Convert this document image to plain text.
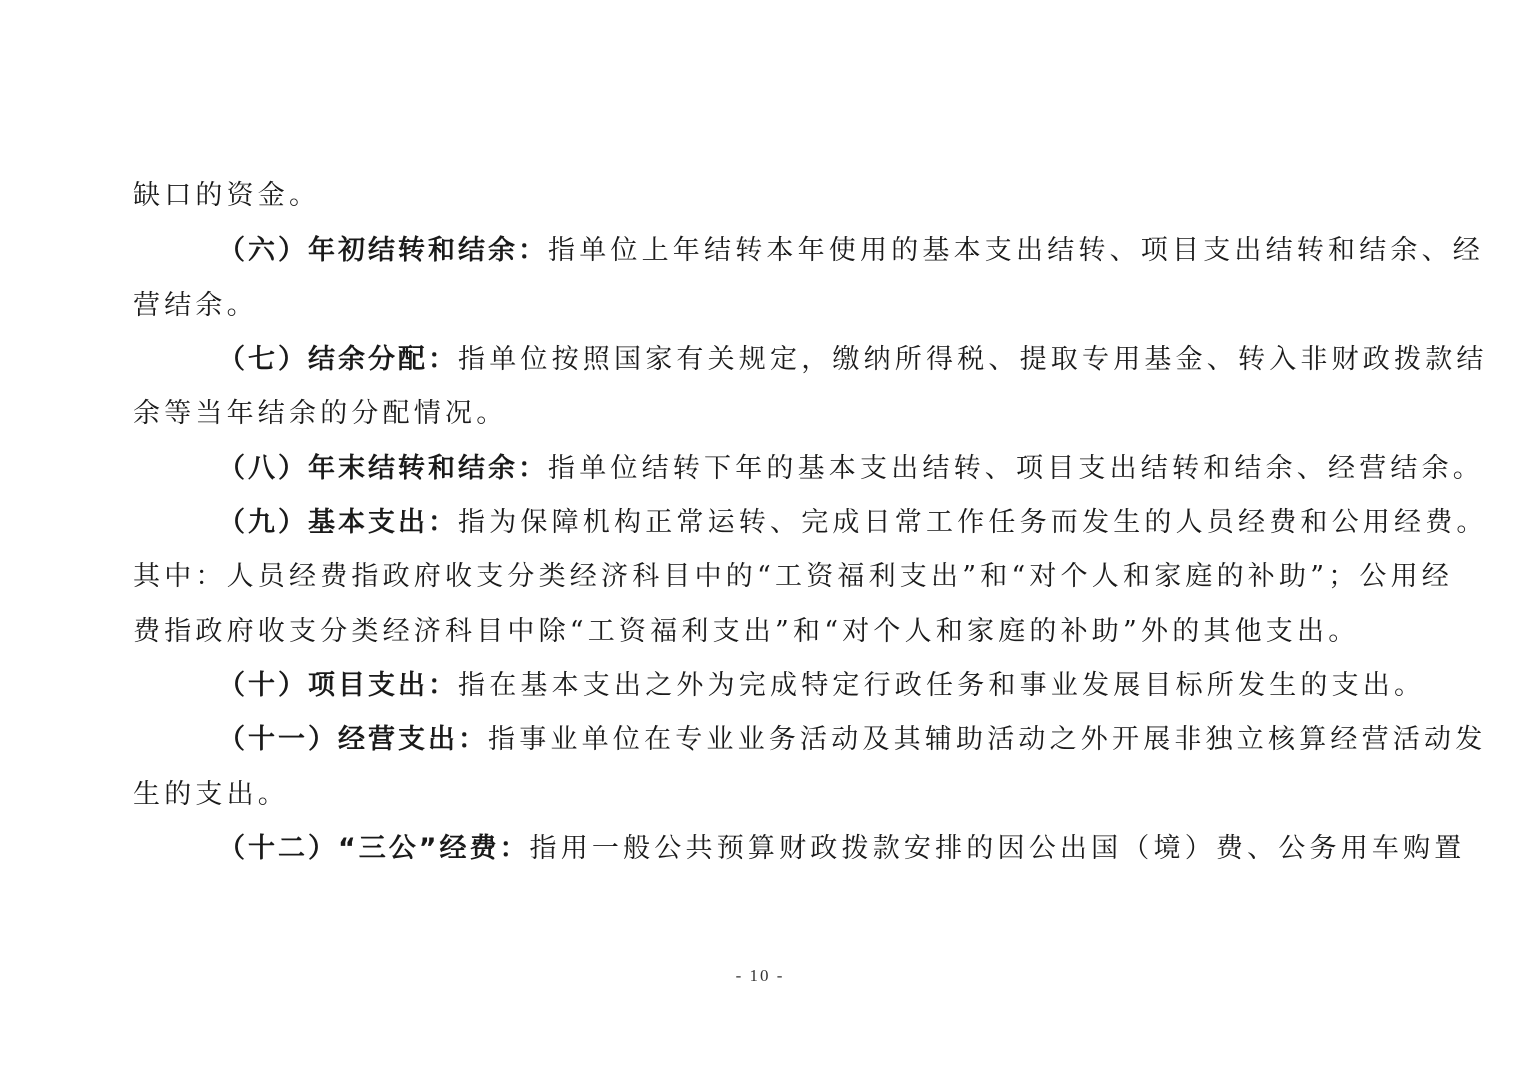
缺口的资金。
（六）年初结转和结余：指单位上年结转本年使用的基本支出结转、项目支出结转和结余、经
营结余。
（七）结余分配：指单位按照国家有关规定，缴纳所得税、提取专用基金、转入非财政拨款结
余等当年结余的分配情况。
（八）年末结转和结余：指单位结转下年的基本支出结转、项目支出结转和结余、经营结余。
（九）基本支出：指为保障机构正常运转、完成日常工作任务而发生的人员经费和公用经费。
其中：人员经费指政府收支分类经济科目中的“工资福利支出”和“对个人和家庭的补助”；公用经
费指政府收支分类经济科目中除“工资福利支出”和“对个人和家庭的补助”外的其他支出。
（十）项目支出：指在基本支出之外为完成特定行政任务和事业发展目标所发生的支出。
（十一）经营支出：指事业单位在专业业务活动及其辅助活动之外开展非独立核算经营活动发
生的支出。
（十二）“三公”经费：指用一般公共预算财政拨款安排的因公出国（境）费、公务用车购置
- 10 -
